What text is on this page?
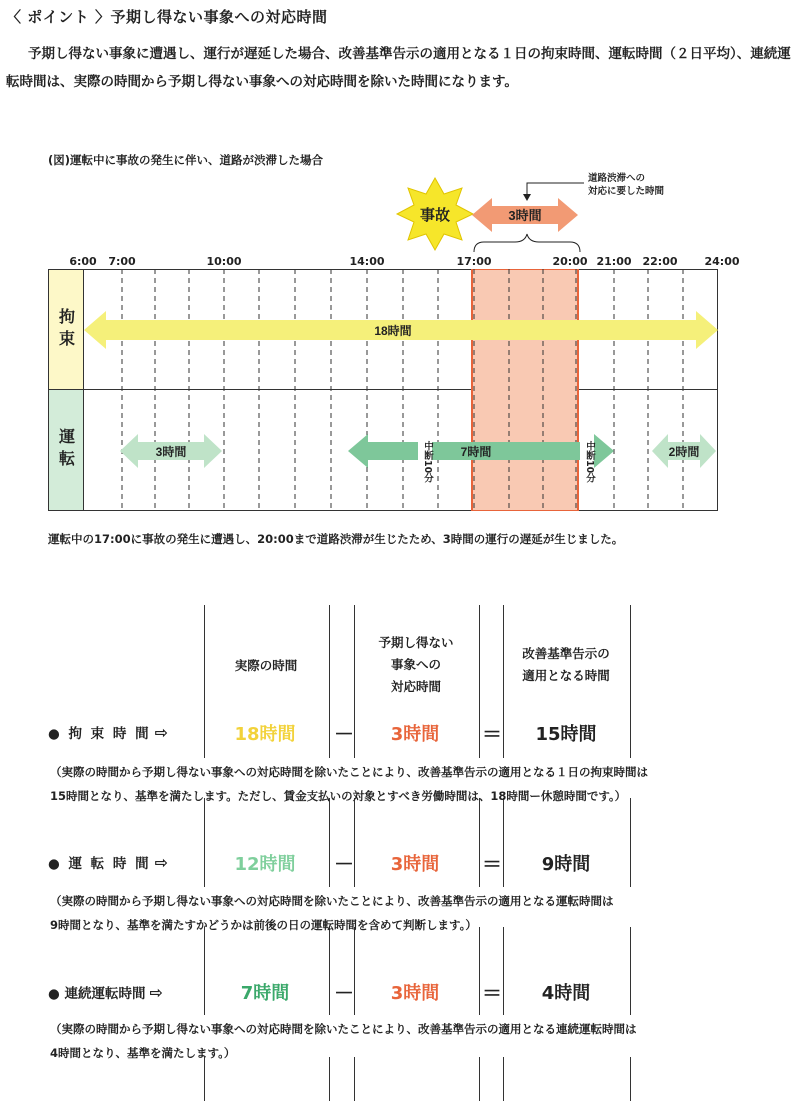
〈 ポイント 〉予期し得ない事象への対応時間
予期し得ない事象に遭遇し、運行が遅延した場合、改善基準告示の適用となる１日の拘束時間、運転時間（２日平均）、連続運転時間は、実際の時間から予期し得ない事象への対応時間を除いた時間になります。
(図)運転中に事故の発生に伴い、道路が渋滞した場合
道路渋滞への
対応に要した時間
事故	3時間
6:00 7:00	10:00	14:00	17:00	20:00 21:00 22:00 24:00
拘束
運転
18時間
3時間	7時間	2時間
中断10分	中断10分
運転中の17:00に事故の発生に遭遇し、20:00まで道路渋滞が生じたため、3時間の運行の遅延が生じました。
実際の時間
予期し得ない
事象への
対応時間
改善基準告示の
適用となる時間
● 拘 束 時 間 ⇨	18時間	－	3時間	＝	15時間
（実際の時間から予期し得ない事象への対応時間を除いたことにより、改善基準告示の適用となる１日の拘束時間は
15時間となり、基準を満たします。ただし、賃金支払いの対象とすべき労働時間は、18時間ー休憩時間です。）
● 運 転 時 間 ⇨	12時間	－	3時間	＝	9時間
（実際の時間から予期し得ない事象への対応時間を除いたことにより、改善基準告示の適用となる運転時間は
9時間となり、基準を満たすかどうかは前後の日の運転時間を含めて判断します。）
● 連続運転時間 ⇨	7時間	－	3時間	＝	4時間
（実際の時間から予期し得ない事象への対応時間を除いたことにより、改善基準告示の適用となる連続運転時間は
4時間となり、基準を満たします。）
